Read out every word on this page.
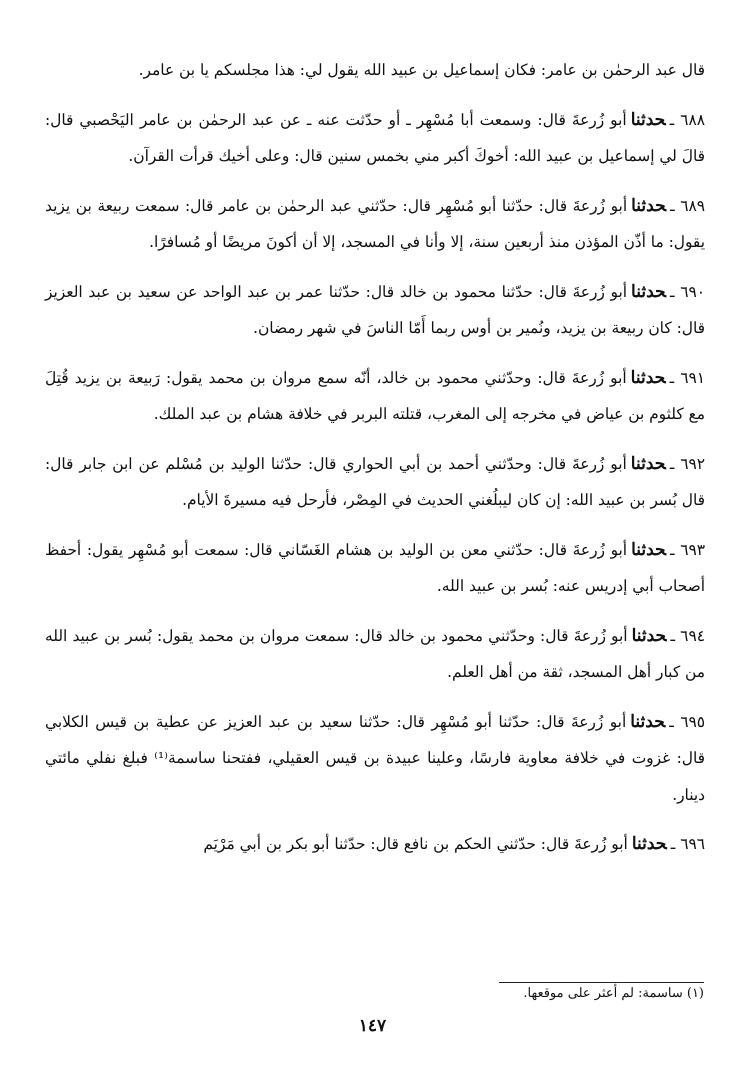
قال عبد الرحمٰن بن عامر: فكان إسماعيل بن عبيد الله يقول لي: هذا مجلسكم يا بن عامر.

٦٨٨ ـحدثناأبو زُرعةَ قال: وسمعت أبا مُسْهِر ـ أو حدّثت عنه ـ عن عبد الرحمٰن بن عامر اليَحْصبي قال: قالَ لي إسماعيل بن عبيد الله: أخوكَ أكبر مني بخمس سنين قال: وعلى أخيك قرأت القرآن.

٦٨٩ ـحدثناأبو زُرعةَ قال: حدّثنا أبو مُسْهِر قال: حدّثني عبد الرحمٰن بن عامر قال: سمعت ربيعة بن يزيد يقول: ما أذّن المؤذن منذ أربعين سنة، إلا وأنا في المسجد، إلا أن أكونَ مريضًا أو مُسافرًا.

٦٩٠ ـحدثناأبو زُرعةَ قال: حدّثنا محمود بن خالد قال: حدّثنا عمر بن عبد الواحد عن سعيد بن عبد العزيز قال: كان ربيعة بن يزيد، ونُمير بن أوس ربما أَمّا الناسَ في شهر رمضان.

٦٩١ ـحدثناأبو زُرعةَ قال: وحدّثني محمود بن خالد، أنّه سمع مروان بن محمد يقول: رَبيعة بن يزيد قُتِلَ مع كلثوم بن عياض في مخرجه إلى المغرب، قتلته البربر في خلافة هشام بن عبد الملك.

٦٩٢ ـحدثناأبو زُرعةَ قال: وحدّثني أحمد بن أبي الحواري قال: حدّثنا الوليد بن مُسْلم عن ابن جابر قال: قال بُسر بن عبيد الله: إن كان ليبلُغني الحديث في المِصْر، فأرحل فيه مسيرةَ الأيام.

٦٩٣ ـحدثناأبو زُرعةَ قال: حدّثني معن بن الوليد بن هشام الغَسّاني قال: سمعت أبو مُسْهِر يقول: أحفظ أصحاب أبي إدريس عنه: بُسر بن عبيد الله.

٦٩٤ ـحدثناأبو زُرعةَ قال: وحدّثني محمود بن خالد قال: سمعت مروان بن محمد يقول: بُسر بن عبيد الله من كبار أهل المسجد، ثقة من أهل العلم.

٦٩٥ ـحدثناأبو زُرعةَ قال: حدّثنا أبو مُسْهِر قال: حدّثنا سعيد بن عبد العزيز عن عطية بن قيس الكلابي قال: غزوت في خلافة معاوية فارسًا، وعلينا عبيدة بن قيس العقيلي، ففتحنا ساسمة⁽¹⁾ فبلغ نفلي مائتي دينار.

٦٩٦ ـحدثناأبو زُرعةَ قال: حدّثني الحكم بن نافع قال: حدّثنا أبو بكر بن أبي مَرْيَم

(١) ساسمة: لم أعثر على موقعها.
١٤٧
